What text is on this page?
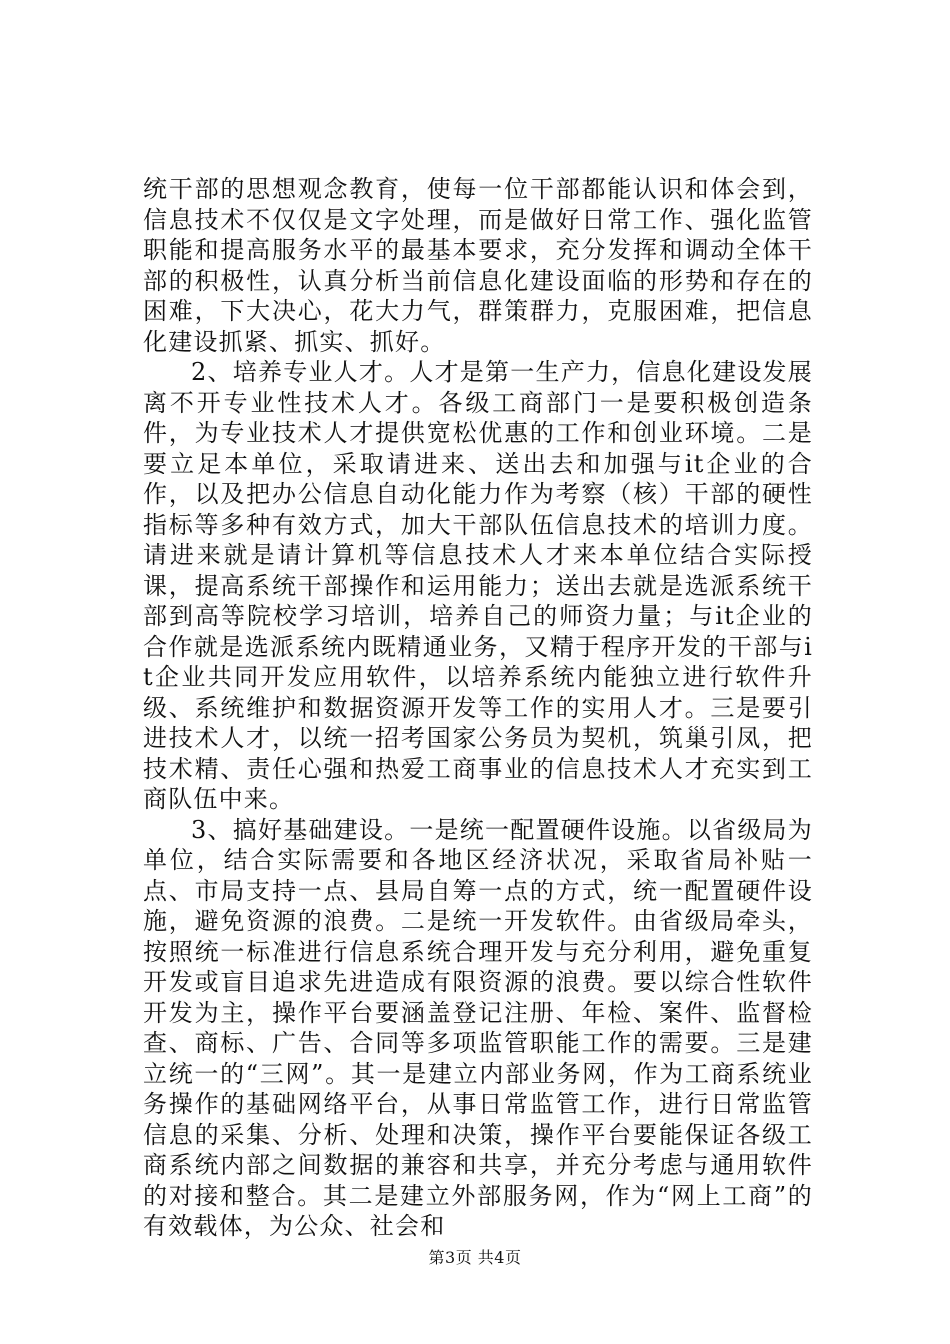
统干部的思想观念教育，使每一位干部都能认识和体会到，信息技术不仅仅是文字处理，而是做好日常工作、强化监管职能和提高服务水平的最基本要求，充分发挥和调动全体干部的积极性，认真分析当前信息化建设面临的形势和存在的困难，下大决心，花大力气，群策群力，克服困难，把信息化建设抓紧、抓实、抓好。

2、培养专业人才。人才是第一生产力，信息化建设发展离不开专业性技术人才。各级工商部门一是要积极创造条件，为专业技术人才提供宽松优惠的工作和创业环境。二是要立足本单位，采取请进来、送出去和加强与it企业的合作，以及把办公信息自动化能力作为考察（核）干部的硬性指标等多种有效方式，加大干部队伍信息技术的培训力度。请进来就是请计算机等信息技术人才来本单位结合实际授课，提高系统干部操作和运用能力；送出去就是选派系统干部到高等院校学习培训，培养自己的师资力量；与it企业的合作就是选派系统内既精通业务，又精于程序开发的干部与it企业共同开发应用软件，以培养系统内能独立进行软件升级、系统维护和数据资源开发等工作的实用人才。三是要引进技术人才，以统一招考国家公务员为契机，筑巢引凤，把技术精、责任心强和热爱工商事业的信息技术人才充实到工商队伍中来。

3、搞好基础建设。一是统一配置硬件设施。以省级局为单位，结合实际需要和各地区经济状况，采取省局补贴一点、市局支持一点、县局自筹一点的方式，统一配置硬件设施，避免资源的浪费。二是统一开发软件。由省级局牵头，按照统一标准进行信息系统合理开发与充分利用，避免重复开发或盲目追求先进造成有限资源的浪费。要以综合性软件开发为主，操作平台要涵盖登记注册、年检、案件、监督检查、商标、广告、合同等多项监管职能工作的需要。三是建立统一的“三网”。其一是建立内部业务网，作为工商系统业务操作的基础网络平台，从事日常监管工作，进行日常监管信息的采集、分析、处理和决策，操作平台要能保证各级工商系统内部之间数据的兼容和共享，并充分考虑与通用软件的对接和整合。其二是建立外部服务网，作为“网上工商”的有效载体，为公众、社会和

第3页 共4页
